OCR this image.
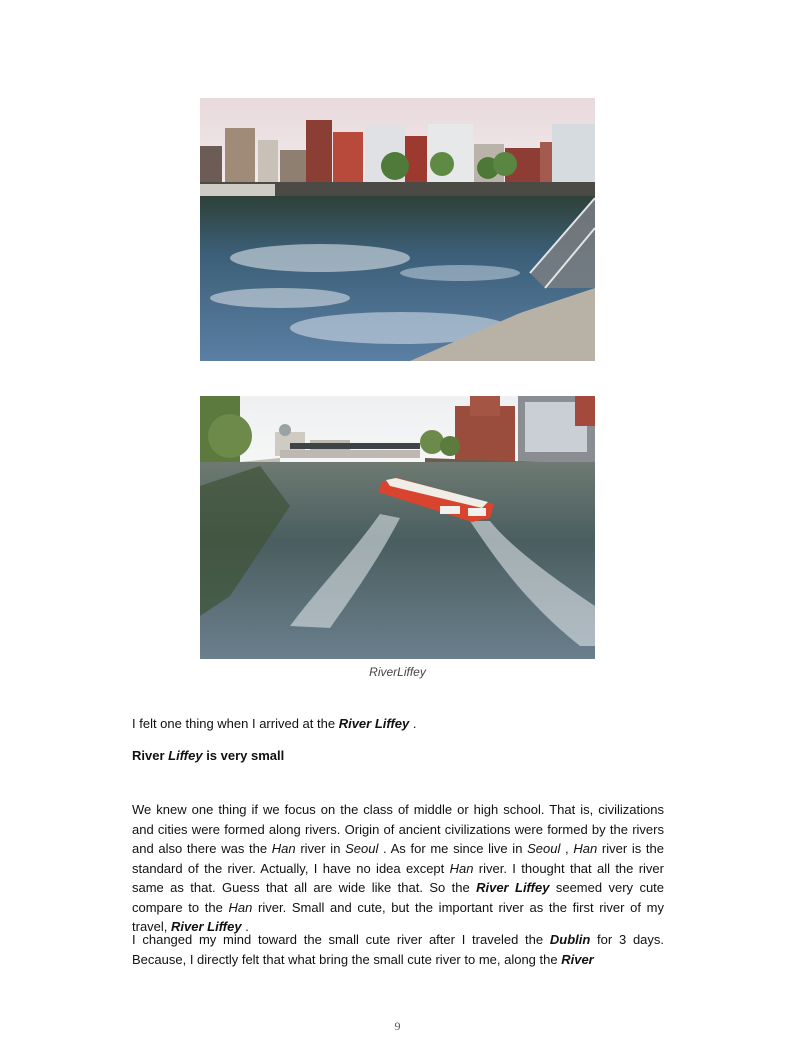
RiverLiffey

I felt one thing when I arrived at the River Liffey .

River Liffey is very small

We knew one thing if we focus on the class of middle or high school. That is, civilizations and cities were formed along rivers. Origin of ancient civilizations were formed by the rivers and also there was the Han river in Seoul . As for me since live in Seoul , Han river is the standard of the river. Actually, I have no idea except Han river. I thought that all the river same as that. Guess that all are wide like that. So the River Liffey seemed very cute compare to the Han river. Small and cute, but the important river as the first river of my travel, River Liffey .

I changed my mind toward the small cute river after I traveled the Dublin for 3 days. Because, I directly felt that what bring the small cute river to me, along the River

9
